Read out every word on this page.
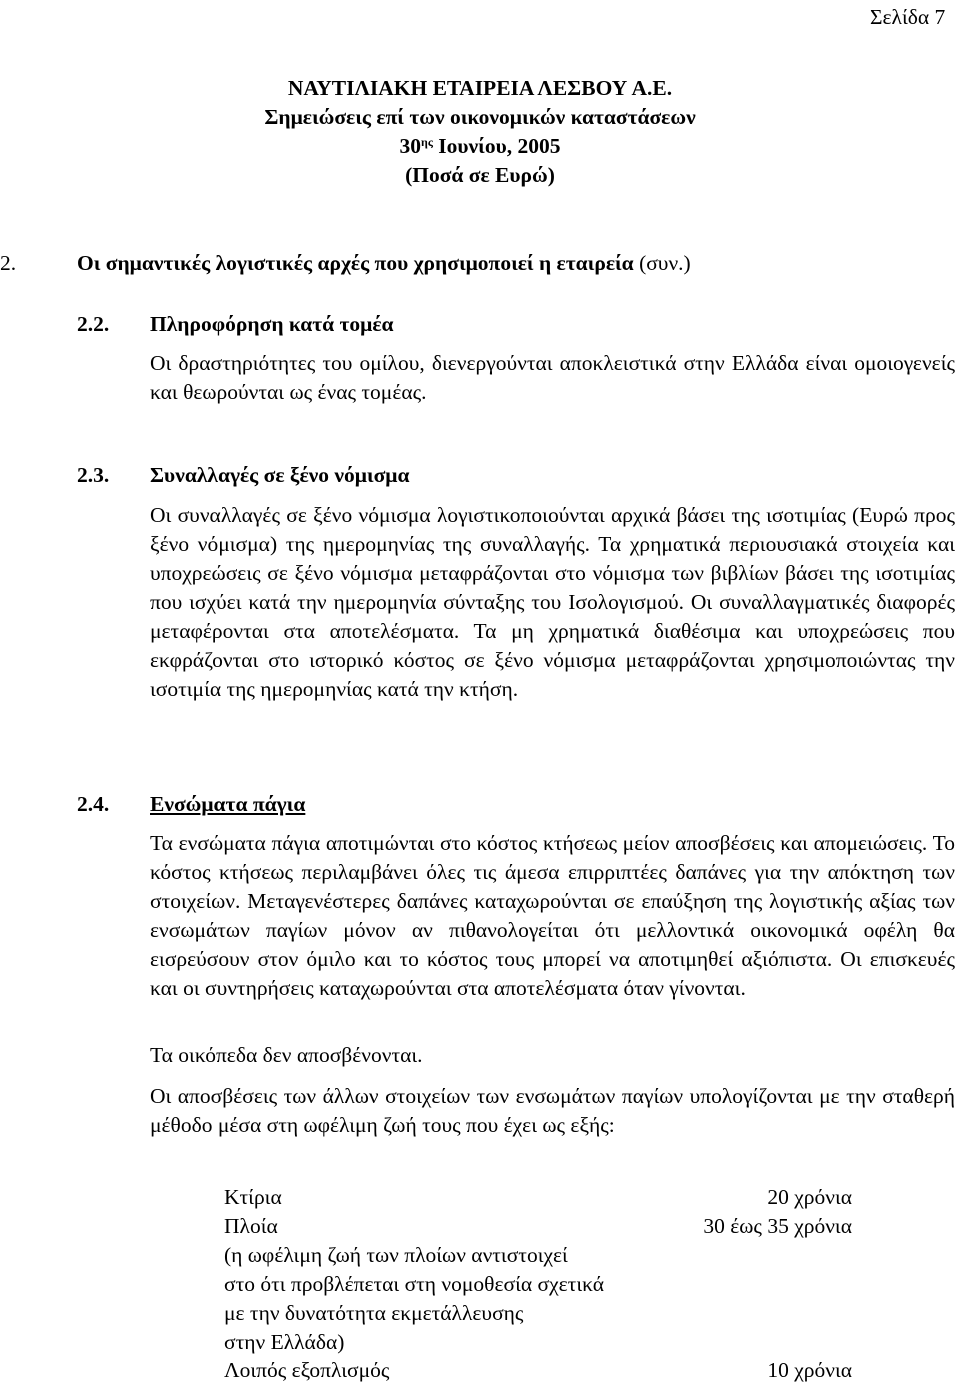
Σελίδα 7
ΝΑΥΤΙΛΙΑΚΗ ΕΤΑΙΡΕΙΑ ΛΕΣΒΟΥ Α.Ε.
Σημειώσεις επί των οικονομικών καταστάσεων
$30^{\eta\varsigma}$ Ιουνίου, 2005
(Ποσά σε Ευρώ)
2.	Οι σημαντικές λογιστικές αρχές που χρησιμοποιεί η εταιρεία (συν.)
2.2. Πληροφόρηση κατά τομέα
Οι δραστηριότητες του ομίλου, διενεργούνται αποκλειστικά στην Ελλάδα είναι ομοιογενείς και θεωρούνται ως ένας τομέας.
2.3. Συναλλαγές σε ξένο νόμισμα
Οι συναλλαγές σε ξένο νόμισμα λογιστικοποιούνται αρχικά βάσει της ισοτιμίας (Ευρώ προς ξένο νόμισμα) της ημερομηνίας της συναλλαγής. Τα χρηματικά περιουσιακά στοιχεία και υποχρεώσεις σε ξένο νόμισμα μεταφράζονται στο νόμισμα των βιβλίων βάσει της ισοτιμίας που ισχύει κατά την ημερομηνία σύνταξης του Ισολογισμού. Οι συναλλαγματικές διαφορές μεταφέρονται στα αποτελέσματα. Τα μη χρηματικά διαθέσιμα και υποχρεώσεις που εκφράζονται στο ιστορικό κόστος σε ξένο νόμισμα μεταφράζονται χρησιμοποιώντας την ισοτιμία της ημερομηνίας κατά την κτήση.
2.4. Ενσώματα πάγια
Τα ενσώματα πάγια αποτιμώνται στο κόστος κτήσεως μείον αποσβέσεις και απομειώσεις. Το κόστος κτήσεως περιλαμβάνει όλες τις άμεσα επιρριπτέες δαπάνες για την απόκτηση των στοιχείων. Μεταγενέστερες δαπάνες καταχωρούνται σε επαύξηση της λογιστικής αξίας των ενσωμάτων παγίων μόνον αν πιθανολογείται ότι μελλοντικά οικονομικά οφέλη θα εισρεύσουν στον όμιλο και το κόστος τους μπορεί να αποτιμηθεί αξιόπιστα. Οι επισκευές και οι συντηρήσεις καταχωρούνται στα αποτελέσματα όταν γίνονται.
Τα οικόπεδα δεν αποσβένονται.
Οι αποσβέσεις των άλλων στοιχείων των ενσωμάτων παγίων υπολογίζονται με την σταθερή μέθοδο μέσα στη ωφέλιμη ζωή τους που έχει ως εξής:
Κτίρια	20 χρόνια
Πλοία	30 έως 35 χρόνια
(η ωφέλιμη ζωή των πλοίων αντιστοιχεί
στο ότι προβλέπεται στη νομοθεσία σχετικά
με την δυνατότητα εκμετάλλευσης
στην Ελλάδα)
Λοιπός εξοπλισμός	10 χρόνια
